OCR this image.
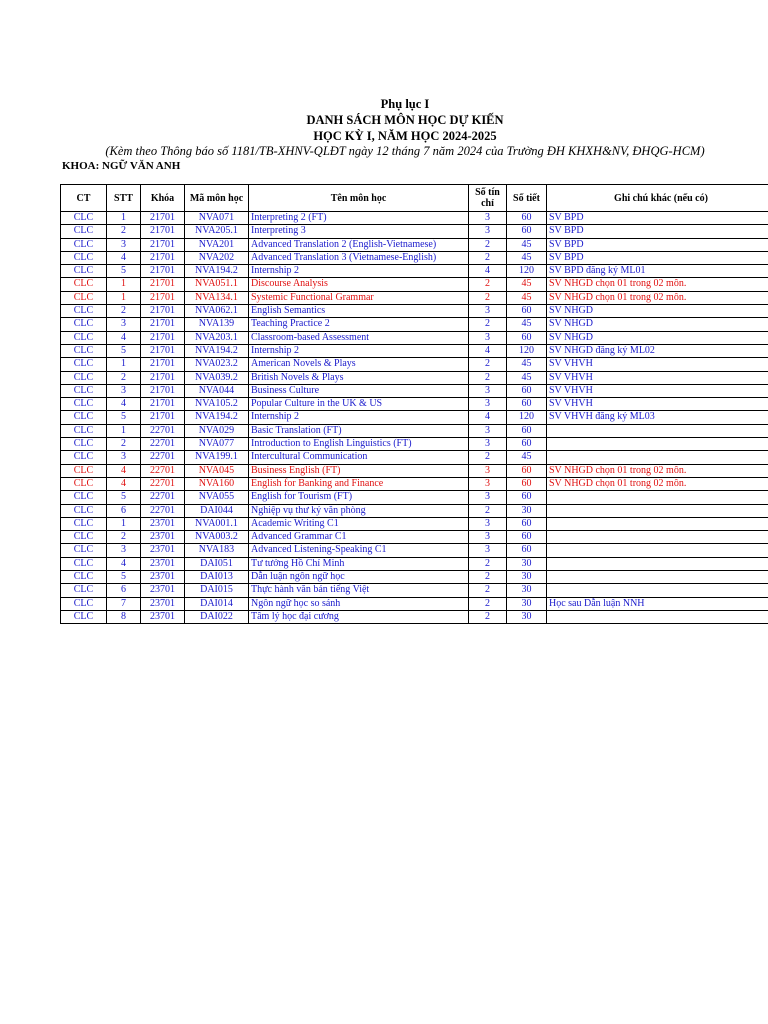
Phụ lục I
DANH SÁCH MÔN HỌC DỰ KIẾN
HỌC KỲ I, NĂM HỌC 2024-2025
(Kèm theo Thông báo số 1181/TB-XHNV-QLĐT ngày 12 tháng 7 năm 2024 của Trường ĐH KHXH&NV, ĐHQG-HCM)
KHOA: NGỮ VĂN ANH
CT	STT	Khóa	Mã môn học	Tên môn học	Số tín chỉ	Số tiết	Ghi chú khác (nếu có)
CLC	1	21701	NVA071	Interpreting 2 (FT)	3	60	SV BPD
CLC	2	21701	NVA205.1	Interpreting 3	3	60	SV BPD
CLC	3	21701	NVA201	Advanced Translation 2 (English-Vietnamese)	2	45	SV BPD
CLC	4	21701	NVA202	Advanced Translation 3 (Vietnamese-English)	2	45	SV BPD
CLC	5	21701	NVA194.2	Internship 2	4	120	SV BPD đăng ký ML01
CLC	1	21701	NVA051.1	Discourse Analysis	2	45	SV NHGD chọn 01 trong 02 môn.
CLC	1	21701	NVA134.1	Systemic Functional Grammar	2	45	SV NHGD chọn 01 trong 02 môn.
CLC	2	21701	NVA062.1	English Semantics	3	60	SV NHGD
CLC	3	21701	NVA139	Teaching Practice 2	2	45	SV NHGD
CLC	4	21701	NVA203.1	Classroom-based Assessment	3	60	SV NHGD
CLC	5	21701	NVA194.2	Internship 2	4	120	SV NHGD đăng ký ML02
CLC	1	21701	NVA023.2	American Novels & Plays	2	45	SV VHVH
CLC	2	21701	NVA039.2	British Novels & Plays	2	45	SV VHVH
CLC	3	21701	NVA044	Business Culture	3	60	SV VHVH
CLC	4	21701	NVA105.2	Popular Culture in the UK & US	3	60	SV VHVH
CLC	5	21701	NVA194.2	Internship 2	4	120	SV VHVH đăng ký ML03
CLC	1	22701	NVA029	Basic Translation (FT)	3	60	
CLC	2	22701	NVA077	Introduction to English Linguistics (FT)	3	60	
CLC	3	22701	NVA199.1	Intercultural Communication	2	45	
CLC	4	22701	NVA045	Business English (FT)	3	60	SV NHGD chọn 01 trong 02 môn.
CLC	4	22701	NVA160	English for Banking and Finance	3	60	SV NHGD chọn 01 trong 02 môn.
CLC	5	22701	NVA055	English for Tourism (FT)	3	60	
CLC	6	22701	DAI044	Nghiệp vụ thư ký văn phòng	2	30	
CLC	1	23701	NVA001.1	Academic Writing C1	3	60	
CLC	2	23701	NVA003.2	Advanced Grammar C1	3	60	
CLC	3	23701	NVA183	Advanced Listening-Speaking C1	3	60	
CLC	4	23701	DAI051	Tư tưởng Hồ Chí Minh	2	30	
CLC	5	23701	DAI013	Dẫn luận ngôn ngữ học	2	30	
CLC	6	23701	DAI015	Thực hành văn bản tiếng Việt	2	30	
CLC	7	23701	DAI014	Ngôn ngữ học so sánh	2	30	Học sau Dẫn luận NNH
CLC	8	23701	DAI022	Tâm lý học đại cương	2	30	
